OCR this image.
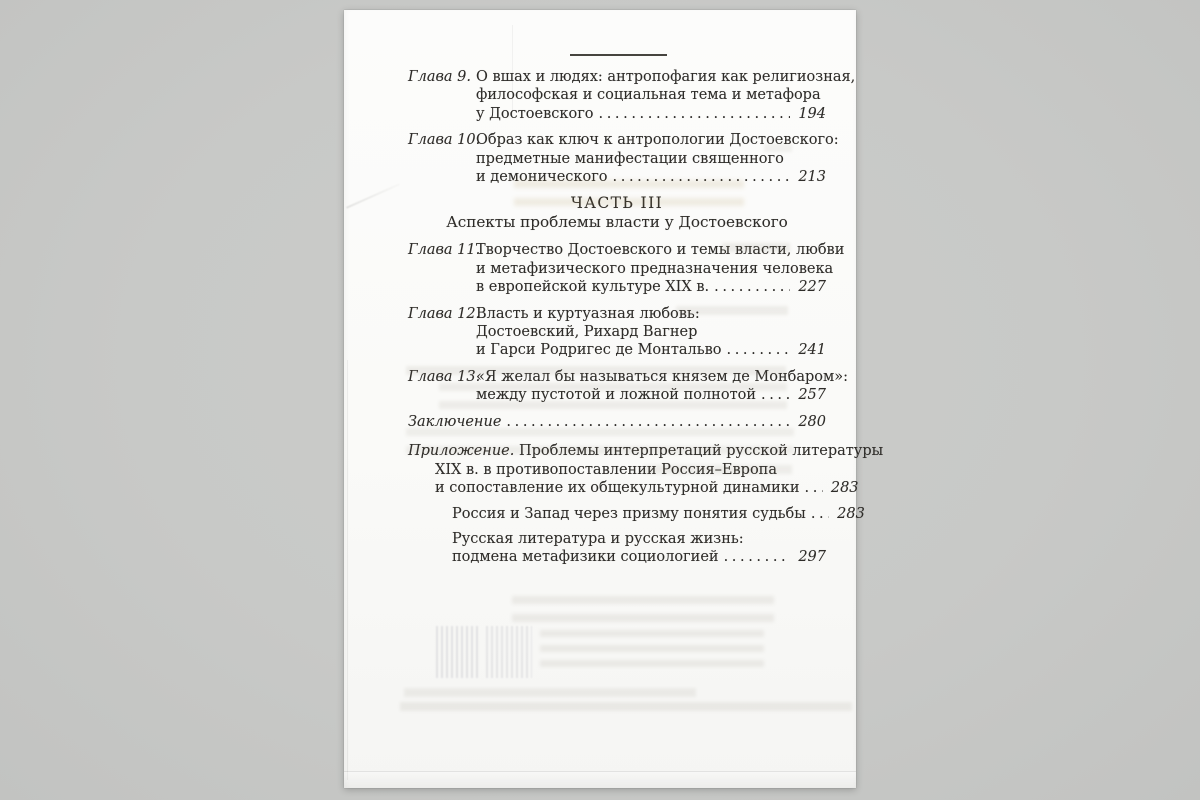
Глава 9. О вшах и людях: антропофагия как религиозная,
философская и социальная тема и метафора
у Достоевского .....	194
Глава 10.
Образ как ключ к антропологии Достоевского:
предметные манифестации священного
и демонического .....	213
ЧАСТЬ III
Аспекты проблемы власти у Достоевского
Глава 11.
Творчество Достоевского и темы власти, любви
и метафизического предназначения человека
в европейской культуре XIX в. .....	227
Глава 12.
Власть и куртуазная любовь:
Достоевский, Рихард Вагнер
и Гарси Родригес де Монтальво .....	241
Глава 13.
«Я желал бы называться князем де Монбаром»:
между пустотой и ложной полнотой .....	257
Заключение .....	280
Приложение. Проблемы интерпретаций русской литературы
XIX в. в противопоставлении Россия–Европа
и сопоставление их общекультурной динамики ..... 283
Россия и Запад через призму понятия судьбы ..... 283
Русская литература и русская жизнь:
подмена метафизики социологией .....	297
